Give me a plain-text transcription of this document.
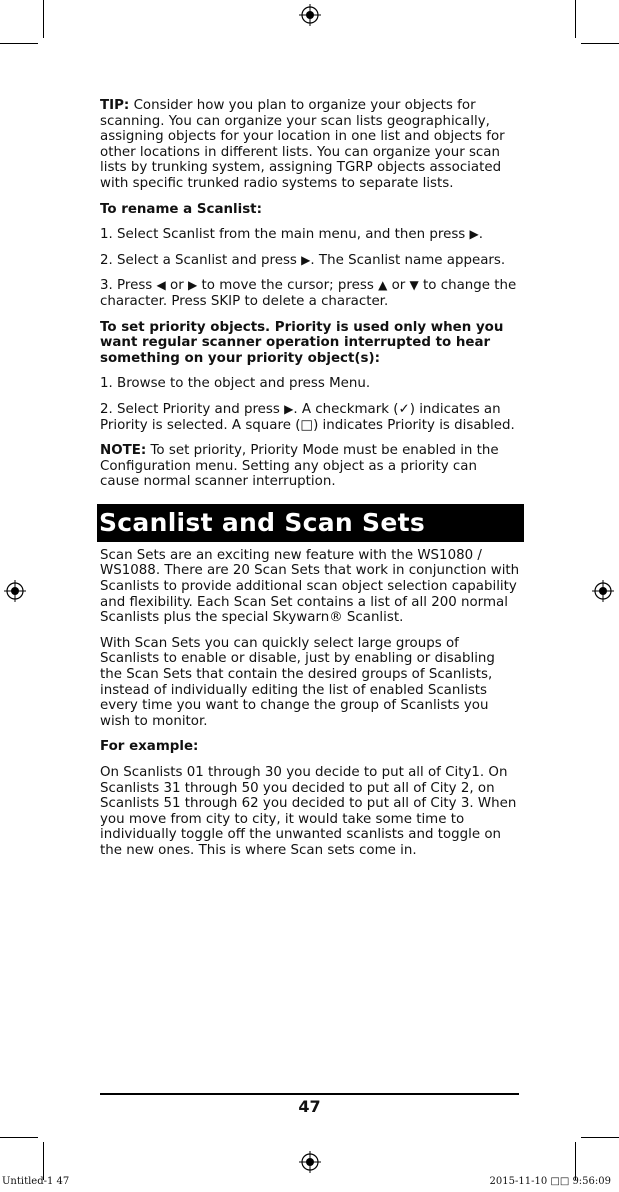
TIP: Consider how you plan to organize your objects for scanning. You can organize your scan lists geographically, assigning objects for your location in one list and objects for other locations in different lists. You can organize your scan lists by trunking system, assigning TGRP objects associated with specific trunked radio systems to separate lists.

To rename a Scanlist:

1. Select Scanlist from the main menu, and then press ▶.

2. Select a Scanlist and press ▶. The Scanlist name appears.

3. Press ◀ or ▶ to move the cursor; press ▲ or ▼ to change the character. Press SKIP to delete a character.

To set priority objects. Priority is used only when you want regular scanner operation interrupted to hear something on your priority object(s):

1. Browse to the object and press Menu.

2. Select Priority and press ▶. A checkmark (✓) indicates an Priority is selected. A square (□) indicates Priority is disabled.

NOTE: To set priority, Priority Mode must be enabled in the Configuration menu. Setting any object as a priority can cause normal scanner interruption.

Scanlist and Scan Sets

Scan Sets are an exciting new feature with the WS1080 / WS1088. There are 20 Scan Sets that work in conjunction with Scanlists to provide additional scan object selection capability and flexibility. Each Scan Set contains a list of all 200 normal Scanlists plus the special Skywarn® Scanlist.

With Scan Sets you can quickly select large groups of Scanlists to enable or disable, just by enabling or disabling the Scan Sets that contain the desired groups of Scanlists, instead of individually editing the list of enabled Scanlists every time you want to change the group of Scanlists you wish to monitor.

For example:

On Scanlists 01 through 30 you decide to put all of City1. On Scanlists 31 through 50 you decided to put all of City 2, on Scanlists 51 through 62 you decided to put all of City 3. When you move from city to city, it would take some time to individually toggle off the unwanted scanlists and toggle on the new ones. This is where Scan sets come in.

47
Untitled-1 47	2015-11-10 □□ 9:56:09
